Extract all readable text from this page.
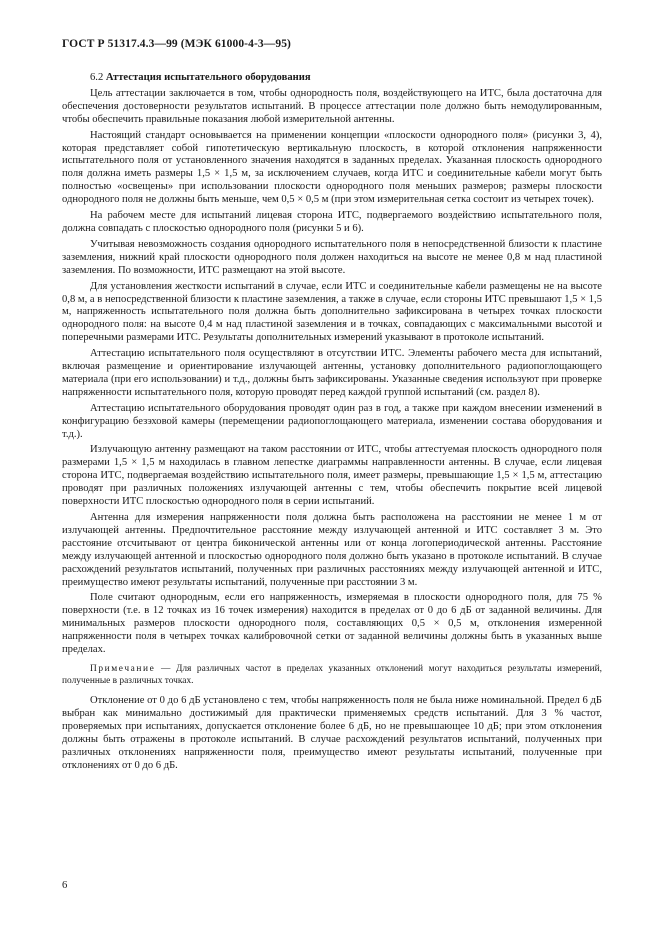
ГОСТ Р 51317.4.3—99 (МЭК 61000-4-3—95)

6.2 Аттестация испытательного оборудования

Цель аттестации заключается в том, чтобы однородность поля, воздействующего на ИТС, была достаточна для обеспечения достоверности результатов испытаний. В процессе аттестации поле должно быть немодулированным, чтобы обеспечить правильные показания любой измерительной антенны.

Настоящий стандарт основывается на применении концепции «плоскости однородного поля» (рисунки 3, 4), которая представляет собой гипотетическую вертикальную плоскость, в которой отклонения напряженности испытательного поля от установленного значения находятся в заданных пределах. Указанная плоскость однородного поля должна иметь размеры 1,5 × 1,5 м, за исключением случаев, когда ИТС и соединительные кабели могут быть полностью «освещены» при использовании плоскости однородного поля меньших размеров; размеры плоскости однородного поля не должны быть меньше, чем 0,5 × 0,5 м (при этом измерительная сетка состоит из четырех точек).

На рабочем месте для испытаний лицевая сторона ИТС, подвергаемого воздействию испытательного поля, должна совпадать с плоскостью однородного поля (рисунки 5 и 6).

Учитывая невозможность создания однородного испытательного поля в непосредственной близости к пластине заземления, нижний край плоскости однородного поля должен находиться на высоте не менее 0,8 м над пластиной заземления. По возможности, ИТС размещают на этой высоте.

Для установления жесткости испытаний в случае, если ИТС и соединительные кабели размещены не на высоте 0,8 м, а в непосредственной близости к пластине заземления, а также в случае, если стороны ИТС превышают 1,5 × 1,5 м, напряженность испытательного поля должна быть дополнительно зафиксирована в четырех точках плоскости однородного поля: на высоте 0,4 м над пластиной заземления и в точках, совпадающих с максимальными высотой и поперечными размерами ИТС. Результаты дополнительных измерений указывают в протоколе испытаний.

Аттестацию испытательного поля осуществляют в отсутствии ИТС. Элементы рабочего места для испытаний, включая размещение и ориентирование излучающей антенны, установку дополнительного радиопоглощающего материала (при его использовании) и т.д., должны быть зафиксированы. Указанные сведения используют при проверке напряженности испытательного поля, которую проводят перед каждой группой испытаний (см. раздел 8).

Аттестацию испытательного оборудования проводят один раз в год, а также при каждом внесении изменений в конфигурацию безэховой камеры (перемещении радиопоглощающего материала, изменении состава оборудования и т.д.).

Излучающую антенну размещают на таком расстоянии от ИТС, чтобы аттестуемая плоскость однородного поля размерами 1,5 × 1,5 м находилась в главном лепестке диаграммы направленности антенны. В случае, если лицевая сторона ИТС, подвергаемая воздействию испытательного поля, имеет размеры, превышающие 1,5 × 1,5 м, аттестацию проводят при различных положениях излучающей антенны с тем, чтобы обеспечить покрытие всей лицевой поверхности ИТС плоскостью однородного поля в серии испытаний.

Антенна для измерения напряженности поля должна быть расположена на расстоянии не менее 1 м от излучающей антенны. Предпочтительное расстояние между излучающей антенной и ИТС составляет 3 м. Это расстояние отсчитывают от центра биконической антенны или от конца логопериодической антенны. Расстояние между излучающей антенной и плоскостью однородного поля должно быть указано в протоколе испытаний. В случае расхождений результатов испытаний, полученных при различных расстояниях между излучающей антенной и ИТС, преимущество имеют результаты испытаний, полученные при расстоянии 3 м.

Поле считают однородным, если его напряженность, измеряемая в плоскости однородного поля, для 75 % поверхности (т.е. в 12 точках из 16 точек измерения) находится в пределах от 0 до 6 дБ от заданной величины. Для минимальных размеров плоскости однородного поля, составляющих 0,5 × 0,5 м, отклонения измеренной напряженности поля в четырех точках калибровочной сетки от заданной величины должны быть в указанных выше пределах.

Примечание — Для различных частот в пределах указанных отклонений могут находиться результаты измерений, полученные в различных точках.

Отклонение от 0 до 6 дБ установлено с тем, чтобы напряженность поля не была ниже номинальной. Предел 6 дБ выбран как минимально достижимый для практически применяемых средств испытаний. Для 3 % частот, проверяемых при испытаниях, допускается отклонение более 6 дБ, но не превышающее 10 дБ; при этом отклонения должны быть отражены в протоколе испытаний. В случае расхождений результатов испытаний, полученных при различных отклонениях напряженности поля, преимущество имеют результаты испытаний, полученные при отклонениях от 0 до 6 дБ.

6
